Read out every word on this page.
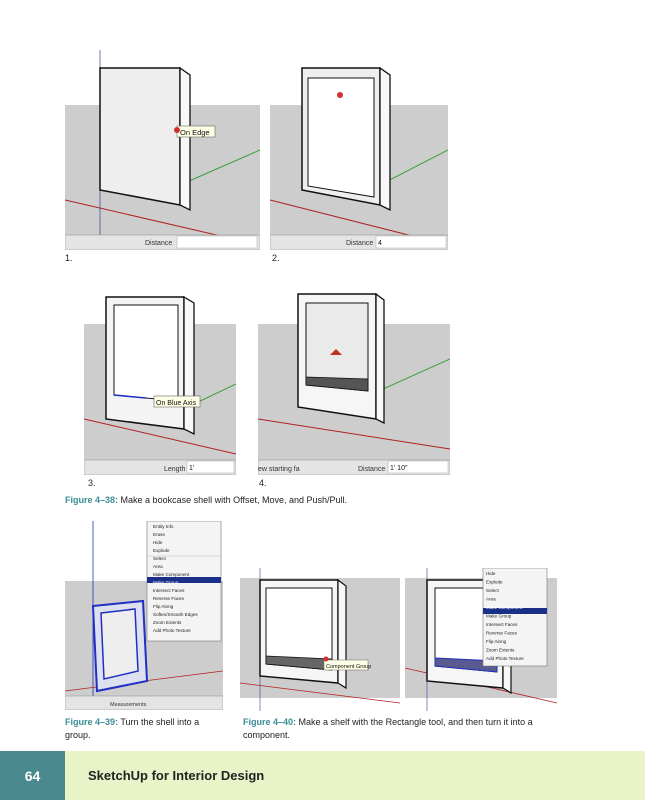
Distance
On Edge
1.
Distance 4
2.
On Blue Axis
Length 1'
3.
ew starting fa	Distance 1' 10"
4.
Figure 4–38: Make a bookcase shell with Offset, Move, and Push/Pull.
Measurements
Entity Info
Erase
Hide
Explode
Select
Area
Make Component
Make Group
Intersect Faces
Reverse Faces
Flip Along
Soften/Smooth Edges
Zoom Extents
Add Photo Texture
Component Group
Hide
Explode
Select
Area
Make Component
Make Group
Intersect Faces
Reverse Faces
Flip Along
Zoom Extents
Add Photo Texture
Figure 4–39: Turn the shell into a
group.
Figure 4–40: Make a shelf with the Rectangle tool, and then turn it into a
component.
64	SketchUp for Interior Design
